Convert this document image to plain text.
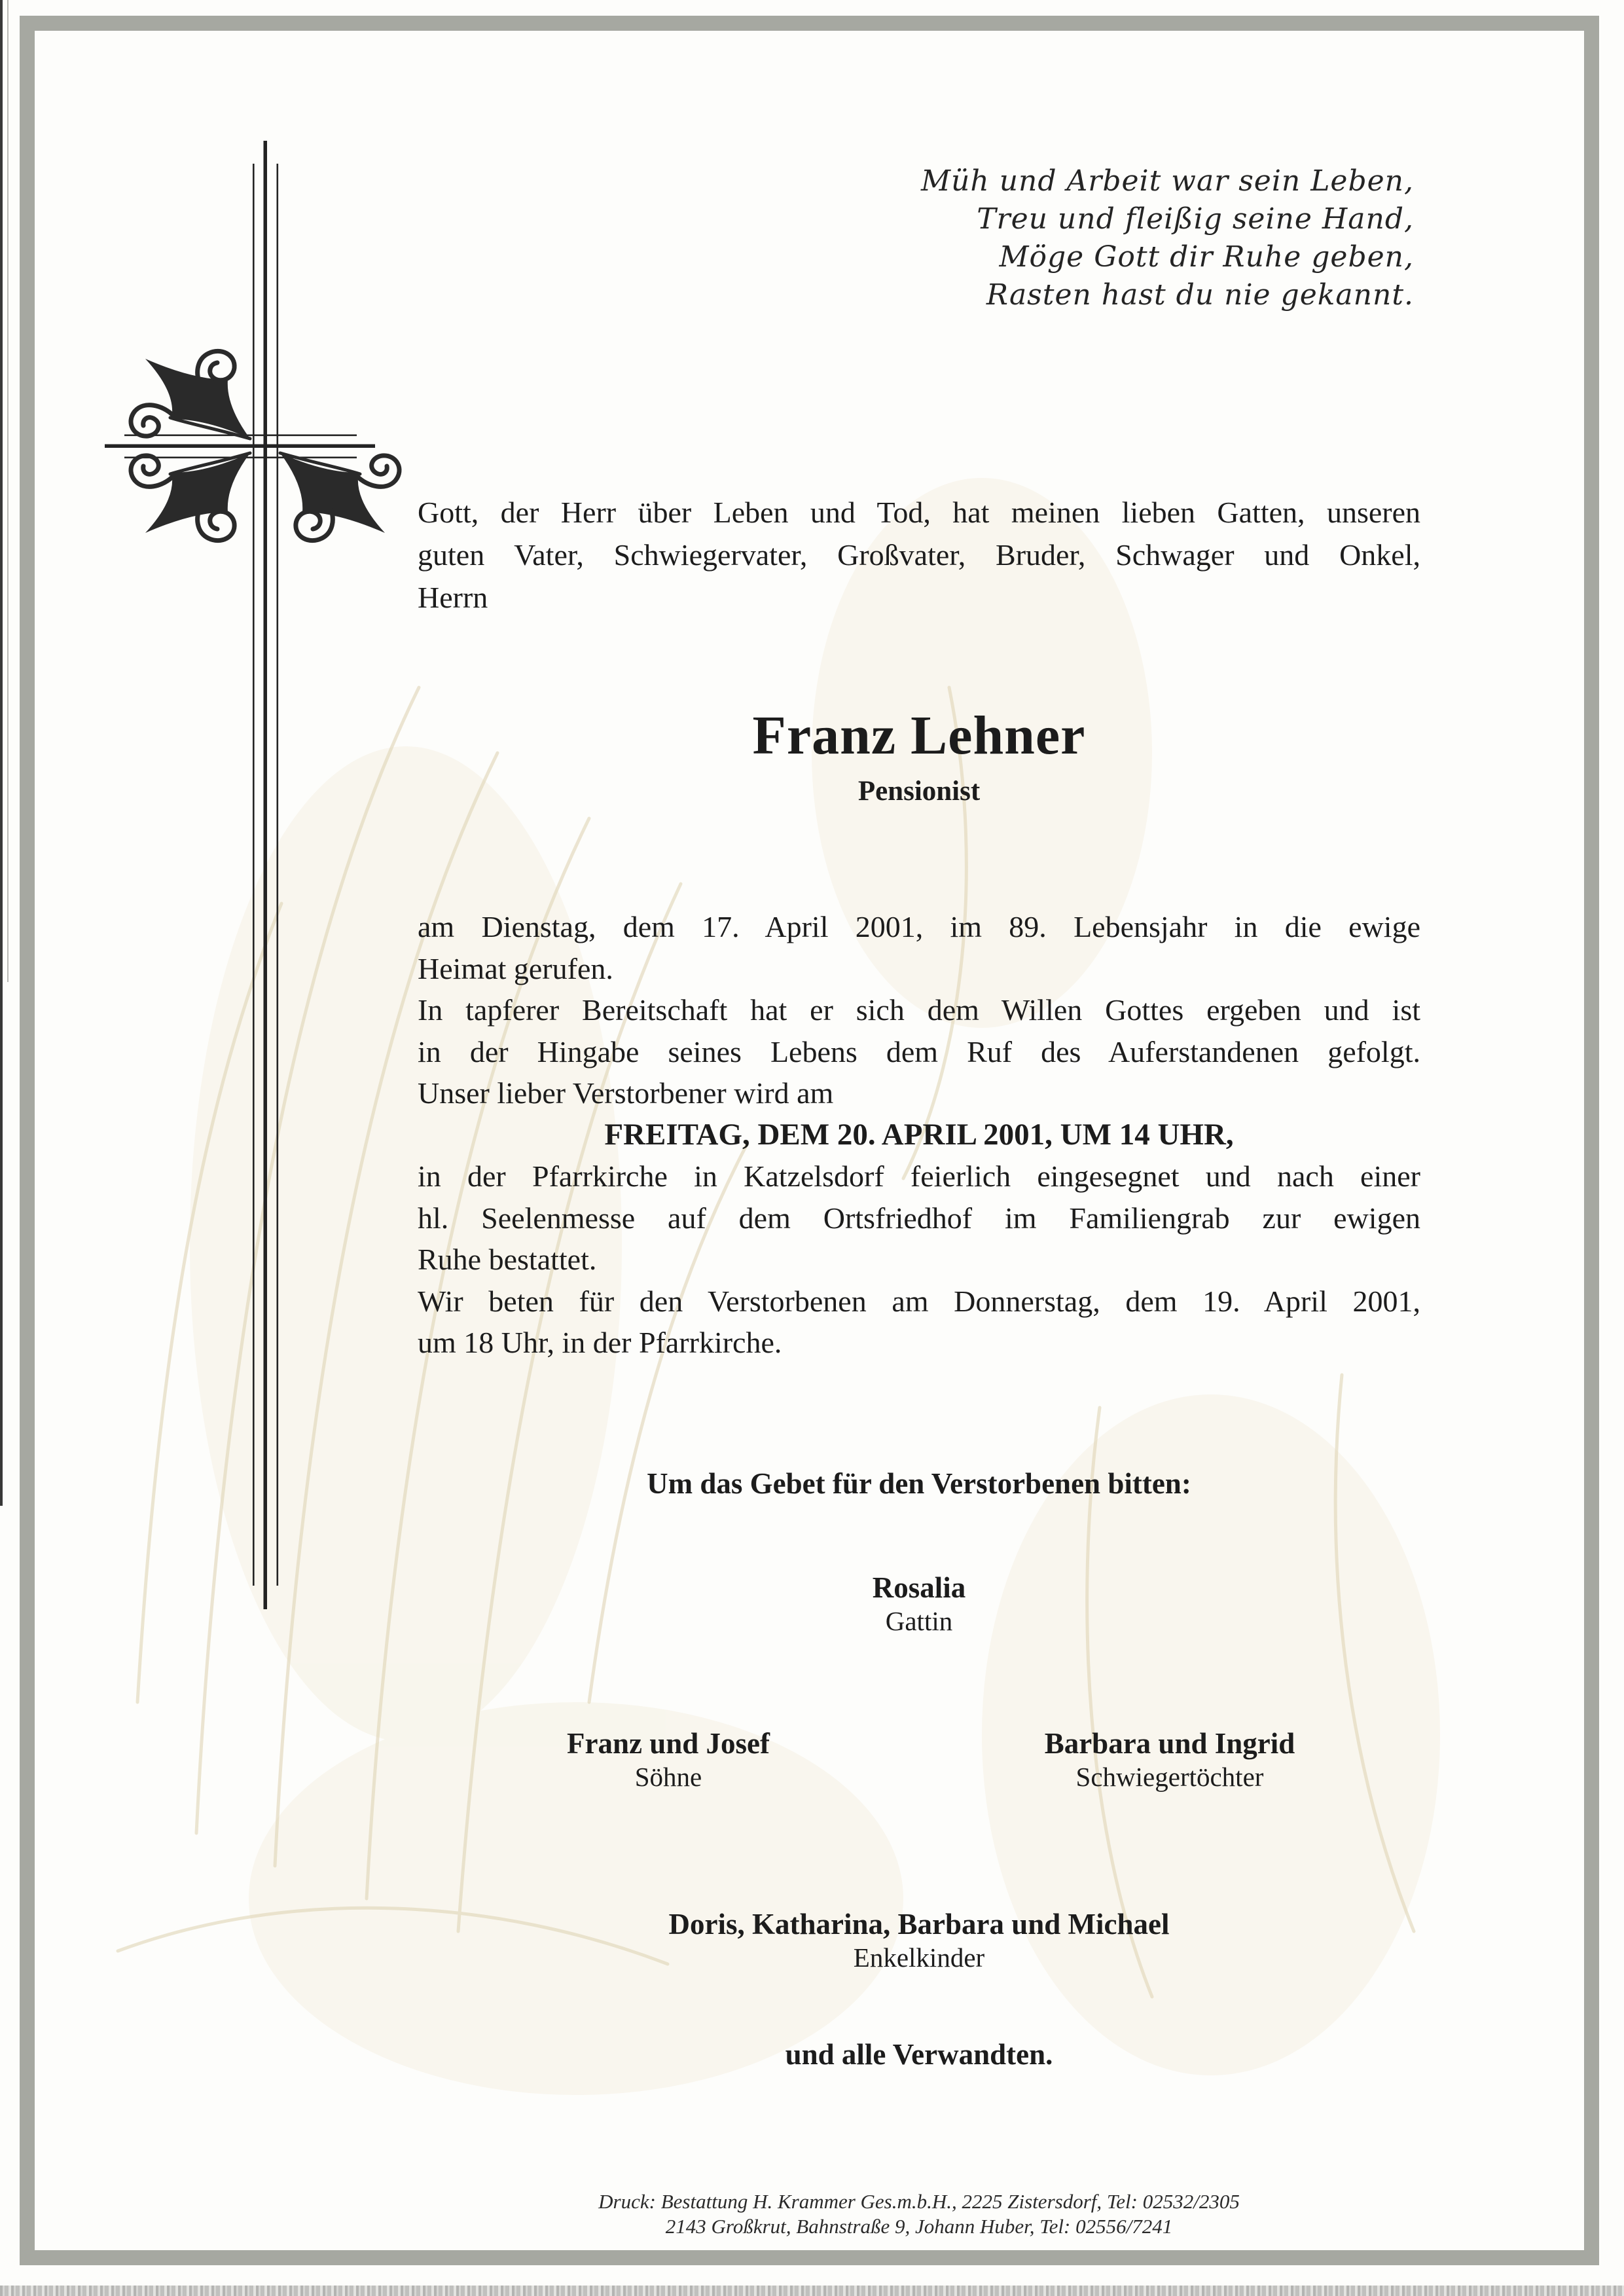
Müh und Arbeit war sein Leben,
Treu und fleißig seine Hand,
Möge Gott dir Ruhe geben,
Rasten hast du nie gekannt.
Gott, der Herr über Leben und Tod, hat meinen lieben Gatten, unseren
guten Vater, Schwiegervater, Großvater, Bruder, Schwager und Onkel,
Herrn
Franz Lehner
Pensionist
am Dienstag, dem 17. April 2001, im 89. Lebensjahr in die ewige
Heimat gerufen.
In tapferer Bereitschaft hat er sich dem Willen Gottes ergeben und ist
in der Hingabe seines Lebens dem Ruf des Auferstandenen gefolgt.
Unser lieber Verstorbener wird am
FREITAG, DEM 20. APRIL 2001, UM 14 UHR,
in der Pfarrkirche in Katzelsdorf feierlich eingesegnet und nach einer
hl. Seelenmesse auf dem Ortsfriedhof im Familiengrab zur ewigen
Ruhe bestattet.
Wir beten für den Verstorbenen am Donnerstag, dem 19. April 2001,
um 18 Uhr, in der Pfarrkirche.
Um das Gebet für den Verstorbenen bitten:
Rosalia
Gattin
Franz und Josef
Söhne
Barbara und Ingrid
Schwiegertöchter
Doris, Katharina, Barbara und Michael
Enkelkinder
und alle Verwandten.
Druck: Bestattung H. Krammer Ges.m.b.H., 2225 Zistersdorf, Tel: 02532/2305
2143 Großkrut, Bahnstraße 9, Johann Huber, Tel: 02556/7241
